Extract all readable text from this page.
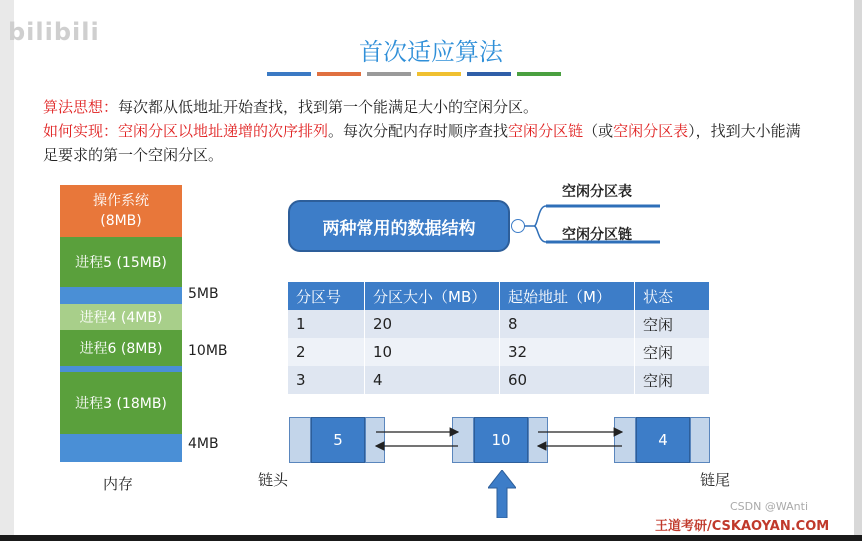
bilibili
首次适应算法
算法思想：每次都从低地址开始查找，找到第一个能满足大小的空闲分区。
如何实现：空闲分区以地址递增的次序排列。每次分配内存时顺序查找空闲分区链（或空闲分区表），找到大小能满足要求的第一个空闲分区。
操作系统
(8MB)
进程5 (15MB)
进程4 (4MB)
进程6 (8MB)
进程3 (18MB)
5MB
10MB
4MB
内存
两种常用的数据结构
空闲分区表
空闲分区链
分区号	分区大小（MB）	起始地址（M）	状态
1	20	8	空闲
2	10	32	空闲
3	4	60	空闲
5	10	4
链头	链尾
CSDN @WAnti
王道考研/CSKAOYAN.COM
